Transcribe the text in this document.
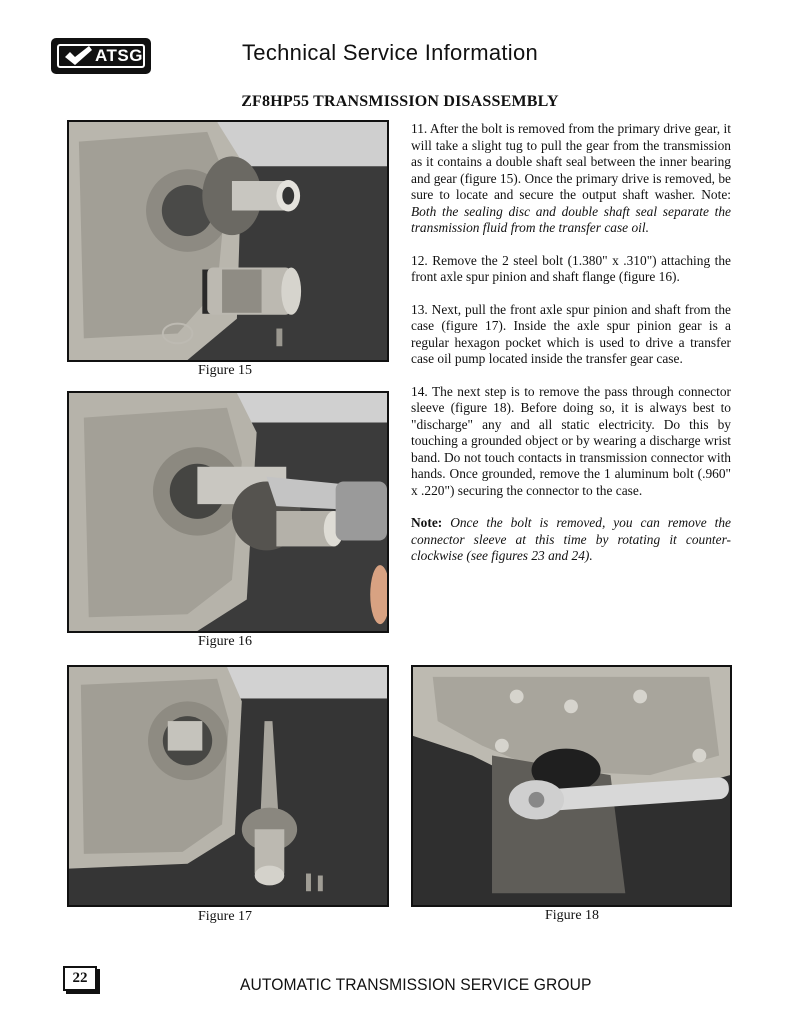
ATSG	Technical Service Information
ZF8HP55 TRANSMISSION DISASSEMBLY
Figure 15
Figure 16
Figure 17	Figure 18

11. After the bolt is removed from the primary drive gear, it will take a slight tug to pull the gear from the transmission as it contains a double shaft seal between the inner bearing and gear (figure 15). Once the primary drive is removed, be sure to locate and secure the output shaft washer. Note: Both the sealing disc and double shaft seal separate the transmission fluid from the transfer case oil.

12. Remove the 2 steel bolt (1.380" x .310") attaching the front axle spur pinion and shaft flange (figure 16).

13. Next, pull the front axle spur pinion and shaft from the case (figure 17). Inside the axle spur pinion gear is a regular hexagon pocket which is used to drive a transfer case oil pump located inside the transfer gear case.

14. The next step is to remove the pass through connector sleeve (figure 18). Before doing so, it is always best to "discharge" any and all static electricity. Do this by touching a grounded object or by wearing a discharge wrist band. Do not touch contacts in transmission connector with hands. Once grounded, remove the 1 aluminum bolt (.960" x .220") securing the connector to the case.

Note: Once the bolt is removed, you can remove the connector sleeve at this time by rotating it counter-clockwise (see figures 23 and 24).

22	AUTOMATIC TRANSMISSION SERVICE GROUP
